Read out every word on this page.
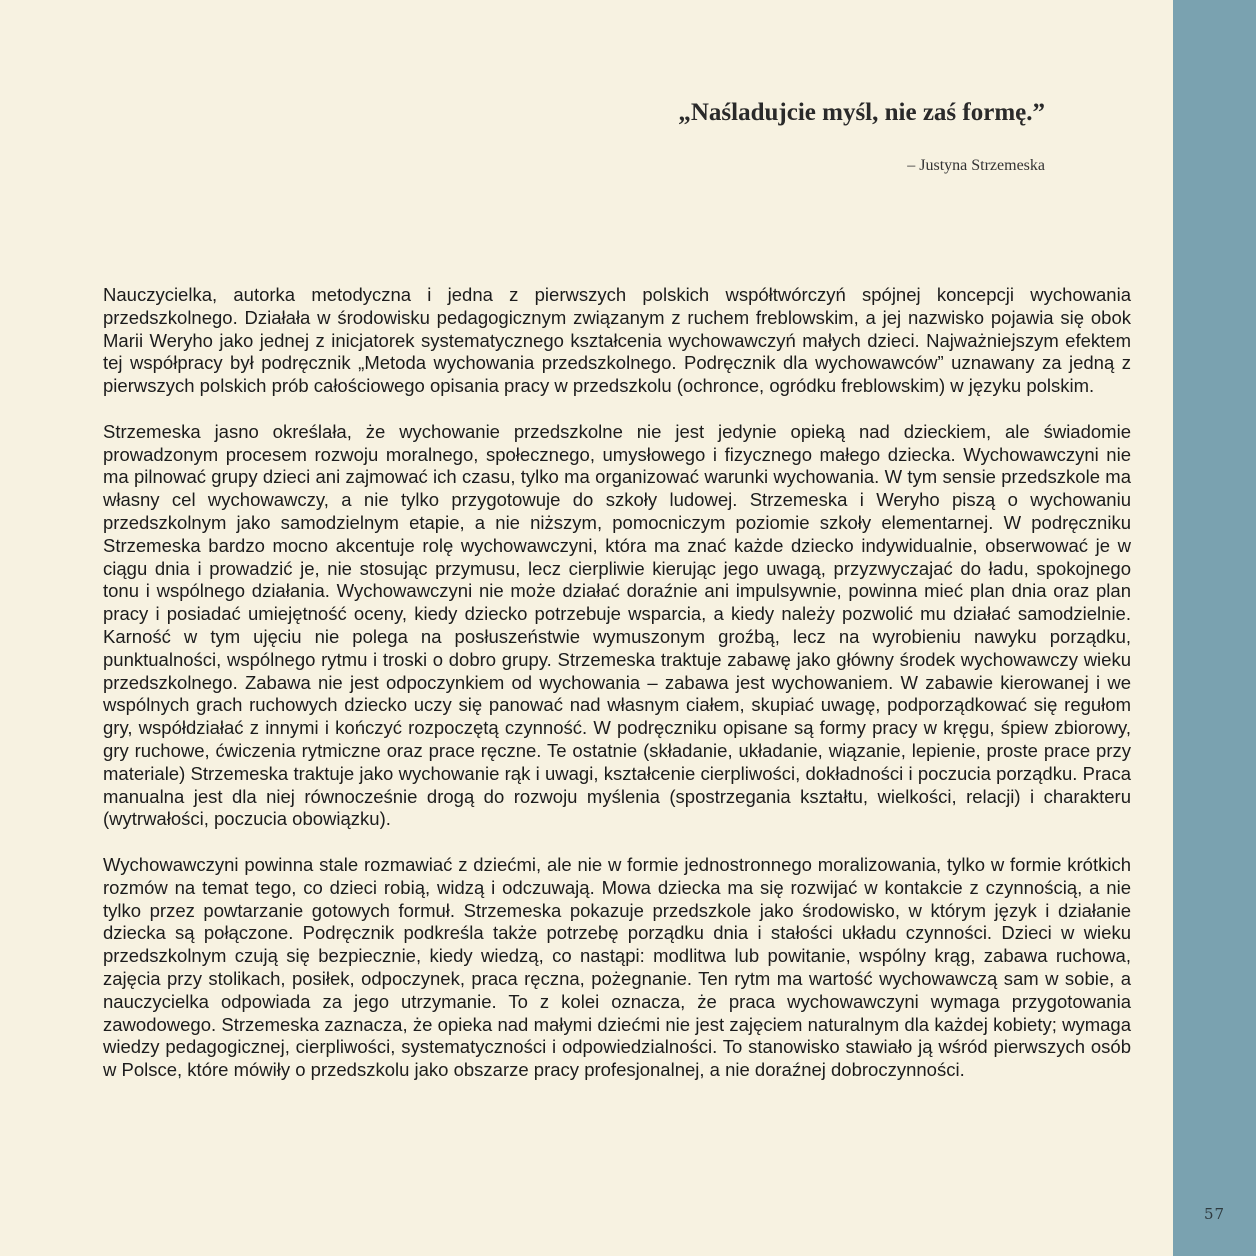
„Naśladujcie myśl, nie zaś formę.”

– Justyna Strzemeska

Nauczycielka, autorka metodyczna i jedna z pierwszych polskich współtwórczyń spójnej koncepcji wychowania przedszkolnego. Działała w środowisku pedagogicznym związanym z ruchem freblowskim, a jej nazwisko pojawia się obok Marii Weryho jako jednej z inicjatorek systematycznego kształcenia wychowawczyń małych dzieci. Najważniejszym efektem tej współpracy był podręcznik „Metoda wychowania przedszkolnego. Podręcznik dla wychowawców” uznawany za jedną z pierwszych polskich prób całościowego opisania pracy w przedszkolu (ochronce, ogródku freblowskim) w języku polskim.

Strzemeska jasno określała, że wychowanie przedszkolne nie jest jedynie opieką nad dzieckiem, ale świadomie prowadzonym procesem rozwoju moralnego, społecznego, umysłowego i fizycznego małego dziecka. Wychowawczyni nie ma pilnować grupy dzieci ani zajmować ich czasu, tylko ma organizować warunki wychowania. W tym sensie przedszkole ma własny cel wychowawczy, a nie tylko przygotowuje do szkoły ludowej. Strzemeska i Weryho piszą o wychowaniu przedszkolnym jako samodzielnym etapie, a nie niższym, pomocniczym poziomie szkoły elementarnej. W podręczniku Strzemeska bardzo mocno akcentuje rolę wychowawczyni, która ma znać każde dziecko indywidualnie, obserwować je w ciągu dnia i prowadzić je, nie stosując przymusu, lecz cierpliwie kierując jego uwagą, przyzwyczajać do ładu, spokojnego tonu i wspólnego działania. Wychowawczyni nie może działać doraźnie ani impulsywnie, powinna mieć plan dnia oraz plan pracy i posiadać umiejętność oceny, kiedy dziecko potrzebuje wsparcia, a kiedy należy pozwolić mu działać samodzielnie. Karność w tym ujęciu nie polega na posłuszeństwie wymuszonym groźbą, lecz na wyrobieniu nawyku porządku, punktualności, wspólnego rytmu i troski o dobro grupy. Strzemeska traktuje zabawę jako główny środek wychowawczy wieku przedszkolnego. Zabawa nie jest odpoczynkiem od wychowania – zabawa jest wychowaniem. W zabawie kierowanej i we wspólnych grach ruchowych dziecko uczy się panować nad własnym ciałem, skupiać uwagę, podporządkować się regułom gry, współdziałać z innymi i kończyć rozpoczętą czynność. W podręczniku opisane są formy pracy w kręgu, śpiew zbiorowy, gry ruchowe, ćwiczenia rytmiczne oraz prace ręczne. Te ostatnie (składanie, układanie, wiązanie, lepienie, proste prace przy materiale) Strzemeska traktuje jako wychowanie rąk i uwagi, kształcenie cierpliwości, dokładności i poczucia porządku. Praca manualna jest dla niej równocześnie drogą do rozwoju myślenia (spostrzegania kształtu, wielkości, relacji) i charakteru (wytrwałości, poczucia obowiązku).

Wychowawczyni powinna stale rozmawiać z dziećmi, ale nie w formie jednostronnego moralizowania, tylko w formie krótkich rozmów na temat tego, co dzieci robią, widzą i odczuwają. Mowa dziecka ma się rozwijać w kontakcie z czynnością, a nie tylko przez powtarzanie gotowych formuł. Strzemeska pokazuje przedszkole jako środowisko, w którym język i działanie dziecka są połączone. Podręcznik podkreśla także potrzebę porządku dnia i stałości układu czynności. Dzieci w wieku przedszkolnym czują się bezpiecznie, kiedy wiedzą, co nastąpi: modlitwa lub powitanie, wspólny krąg, zabawa ruchowa, zajęcia przy stolikach, posiłek, odpoczynek, praca ręczna, pożegnanie. Ten rytm ma wartość wychowawczą sam w sobie, a nauczycielka odpowiada za jego utrzymanie. To z kolei oznacza, że praca wychowawczyni wymaga przygotowania zawodowego. Strzemeska zaznacza, że opieka nad małymi dziećmi nie jest zajęciem naturalnym dla każdej kobiety; wymaga wiedzy pedagogicznej, cierpliwości, systematyczności i odpowiedzialności. To stanowisko stawiało ją wśród pierwszych osób w Polsce, które mówiły o przedszkolu jako obszarze pracy profesjonalnej, a nie doraźnej dobroczynności.

57
